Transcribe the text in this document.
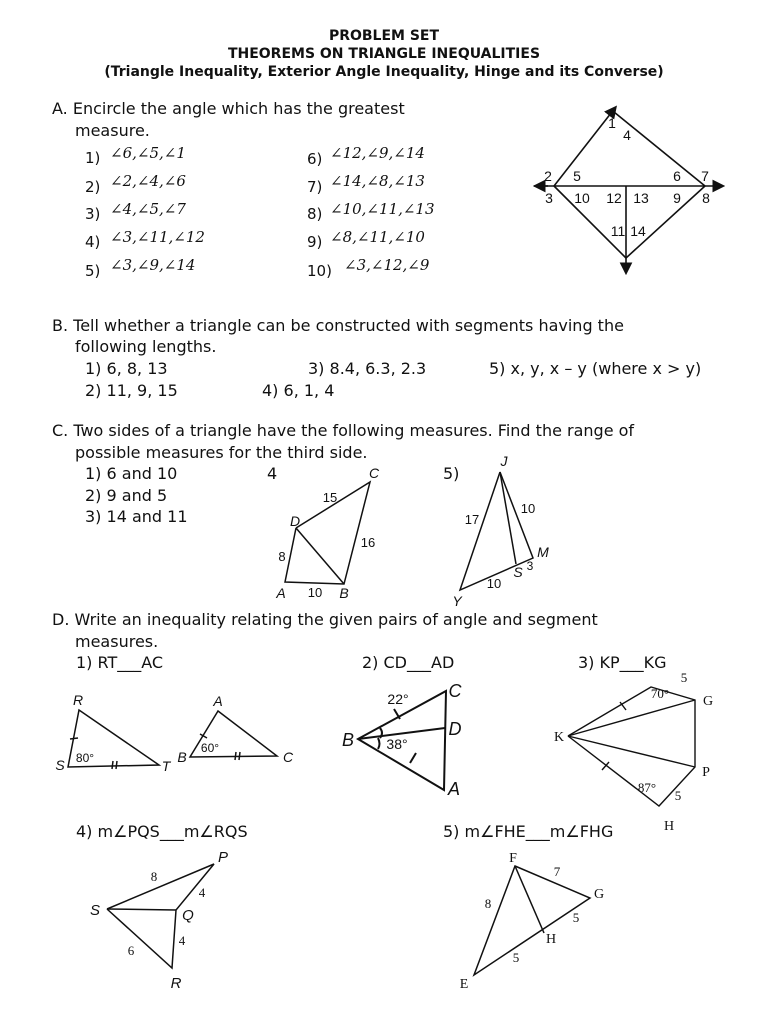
PROBLEM SET
THEOREMS ON TRIANGLE INEQUALITIES
(Triangle Inequality, Exterior Angle Inequality, Hinge and its Converse)
A. Encircle the angle which has the greatest
measure.
1) ∠6,∠5,∠1
2) ∠2,∠4,∠6
3) ∠4,∠5,∠7
4) ∠3,∠11,∠12
5) ∠3,∠9,∠14
6) ∠12,∠9,∠14
7) ∠14,∠8,∠13
8) ∠10,∠11,∠13
9) ∠8,∠11,∠10
10) ∠3,∠12,∠9
1
4
2 5	6 7
3 10 12 13 9 8
11 14
B. Tell whether a triangle can be constructed with segments having the
following lengths.
1) 6, 8, 13	3) 8.4, 6.3, 2.3	5) x, y, x – y (where x > y)
2) 11, 9, 15	4) 6, 1, 4
C. Two sides of a triangle have the following measures. Find the range of
possible measures for the third side.
1) 6 and 10
2) 9 and 5
3) 14 and 11
4	5)
C
D
A	B
15
8
16
10
J
M
S
Y
17
10
10
3
D. Write an inequality relating the given pairs of angle and segment
measures.
1) RT___AC	2) CD___AD	3) KP___KG
4) m∠PQS___m∠RQS	5) m∠FHE___m∠FHG
R
S	T
80°
A
B	C
60°	B
C
D
A
22°
38°	K
G
P
H
70°
87°
5
5
P
S	Q
R
8
4
4
6
F
G
H
E
7
8
5
5
